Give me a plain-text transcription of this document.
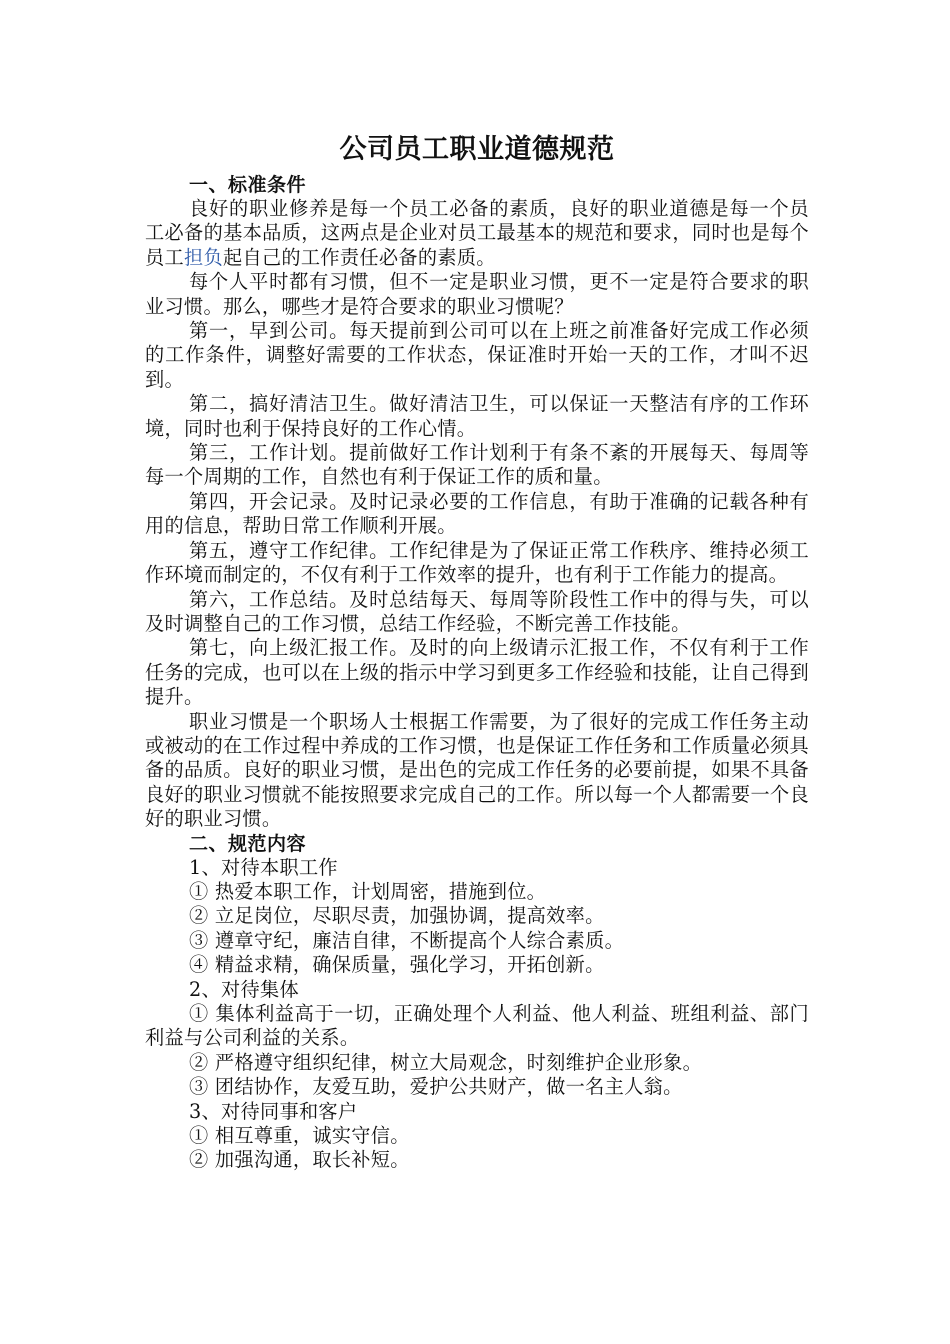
公司员工职业道德规范

一、标准条件

良好的职业修养是每一个员工必备的素质，良好的职业道德是每一个员工必备的基本品质，这两点是企业对员工最基本的规范和要求，同时也是每个员工担负起自己的工作责任必备的素质。

每个人平时都有习惯，但不一定是职业习惯，更不一定是符合要求的职业习惯。那么，哪些才是符合要求的职业习惯呢？

第一，早到公司。每天提前到公司可以在上班之前准备好完成工作必须的工作条件，调整好需要的工作状态，保证准时开始一天的工作，才叫不迟到。

第二，搞好清洁卫生。做好清洁卫生，可以保证一天整洁有序的工作环境，同时也利于保持良好的工作心情。

第三，工作计划。提前做好工作计划利于有条不紊的开展每天、每周等每一个周期的工作，自然也有利于保证工作的质和量。

第四，开会记录。及时记录必要的工作信息，有助于准确的记载各种有用的信息，帮助日常工作顺利开展。

第五，遵守工作纪律。工作纪律是为了保证正常工作秩序、维持必须工作环境而制定的，不仅有利于工作效率的提升，也有利于工作能力的提高。

第六，工作总结。及时总结每天、每周等阶段性工作中的得与失，可以及时调整自己的工作习惯，总结工作经验，不断完善工作技能。

第七，向上级汇报工作。及时的向上级请示汇报工作，不仅有利于工作任务的完成，也可以在上级的指示中学习到更多工作经验和技能，让自己得到提升。

职业习惯是一个职场人士根据工作需要，为了很好的完成工作任务主动或被动的在工作过程中养成的工作习惯，也是保证工作任务和工作质量必须具备的品质。良好的职业习惯，是出色的完成工作任务的必要前提，如果不具备良好的职业习惯就不能按照要求完成自己的工作。所以每一个人都需要一个良好的职业习惯。

二、规范内容

1、对待本职工作

① 热爱本职工作，计划周密，措施到位。

② 立足岗位，尽职尽责，加强协调，提高效率。

③ 遵章守纪，廉洁自律，不断提高个人综合素质。

④ 精益求精，确保质量，强化学习，开拓创新。

2、对待集体

① 集体利益高于一切，正确处理个人利益、他人利益、班组利益、部门利益与公司利益的关系。

② 严格遵守组织纪律，树立大局观念，时刻维护企业形象。

③ 团结协作，友爱互助，爱护公共财产，做一名主人翁。

3、对待同事和客户

① 相互尊重，诚实守信。

② 加强沟通，取长补短。
